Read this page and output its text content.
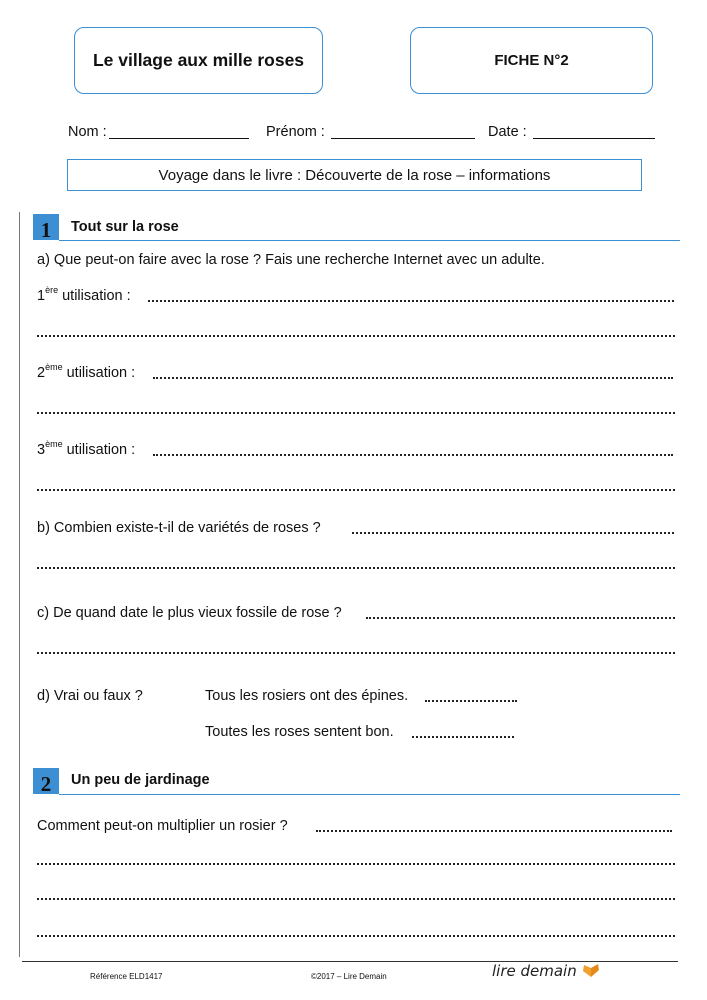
Le village aux mille roses	FICHE N°2
Nom :	Prénom :	Date :
Voyage dans le livre : Découverte de la rose – informations
1 Tout sur la rose
a) Que peut-on faire avec la rose ? Fais une recherche Internet avec un adulte.
1ère utilisation :
2ème utilisation :
3ème utilisation :
b) Combien existe-t-il de variétés de roses ?
c) De quand date le plus vieux fossile de rose ?
d) Vrai ou faux ?	Tous les rosiers ont des épines.
Toutes les roses sentent bon.
2 Un peu de jardinage
Comment peut-on multiplier un rosier ?
Référence ELD1417	©2017 – Lire Demain	lire demain
